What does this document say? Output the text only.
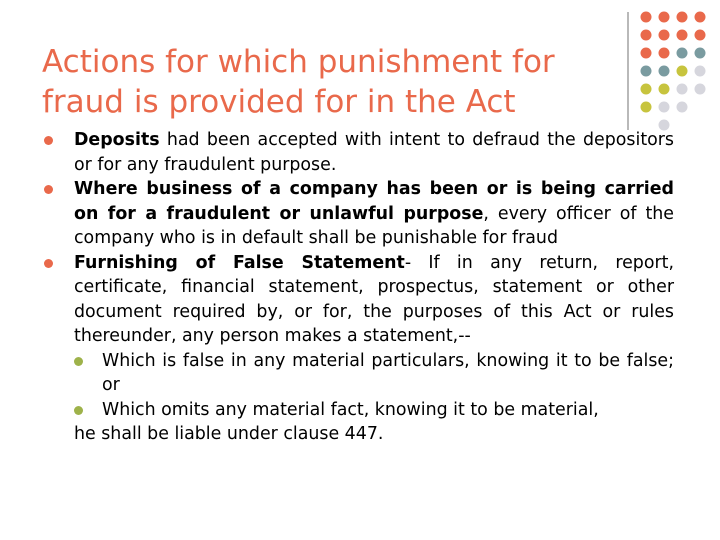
Actions for which punishment for
fraud is provided for in the Act
Deposits had been accepted with intent to defraud the depositors or for any fraudulent purpose.
Where business of a company has been or is being carried on for a fraudulent or unlawful purpose, every officer of the company who is in default shall be punishable for fraud
Furnishing of False Statement- If in any return, report, certificate, financial statement, prospectus, statement or other document required by, or for, the purposes of this Act or rules thereunder, any person makes a statement,--
Which is false in any material particulars, knowing it to be false; or
Which omits any material fact, knowing it to be material,
he shall be liable under clause 447.
